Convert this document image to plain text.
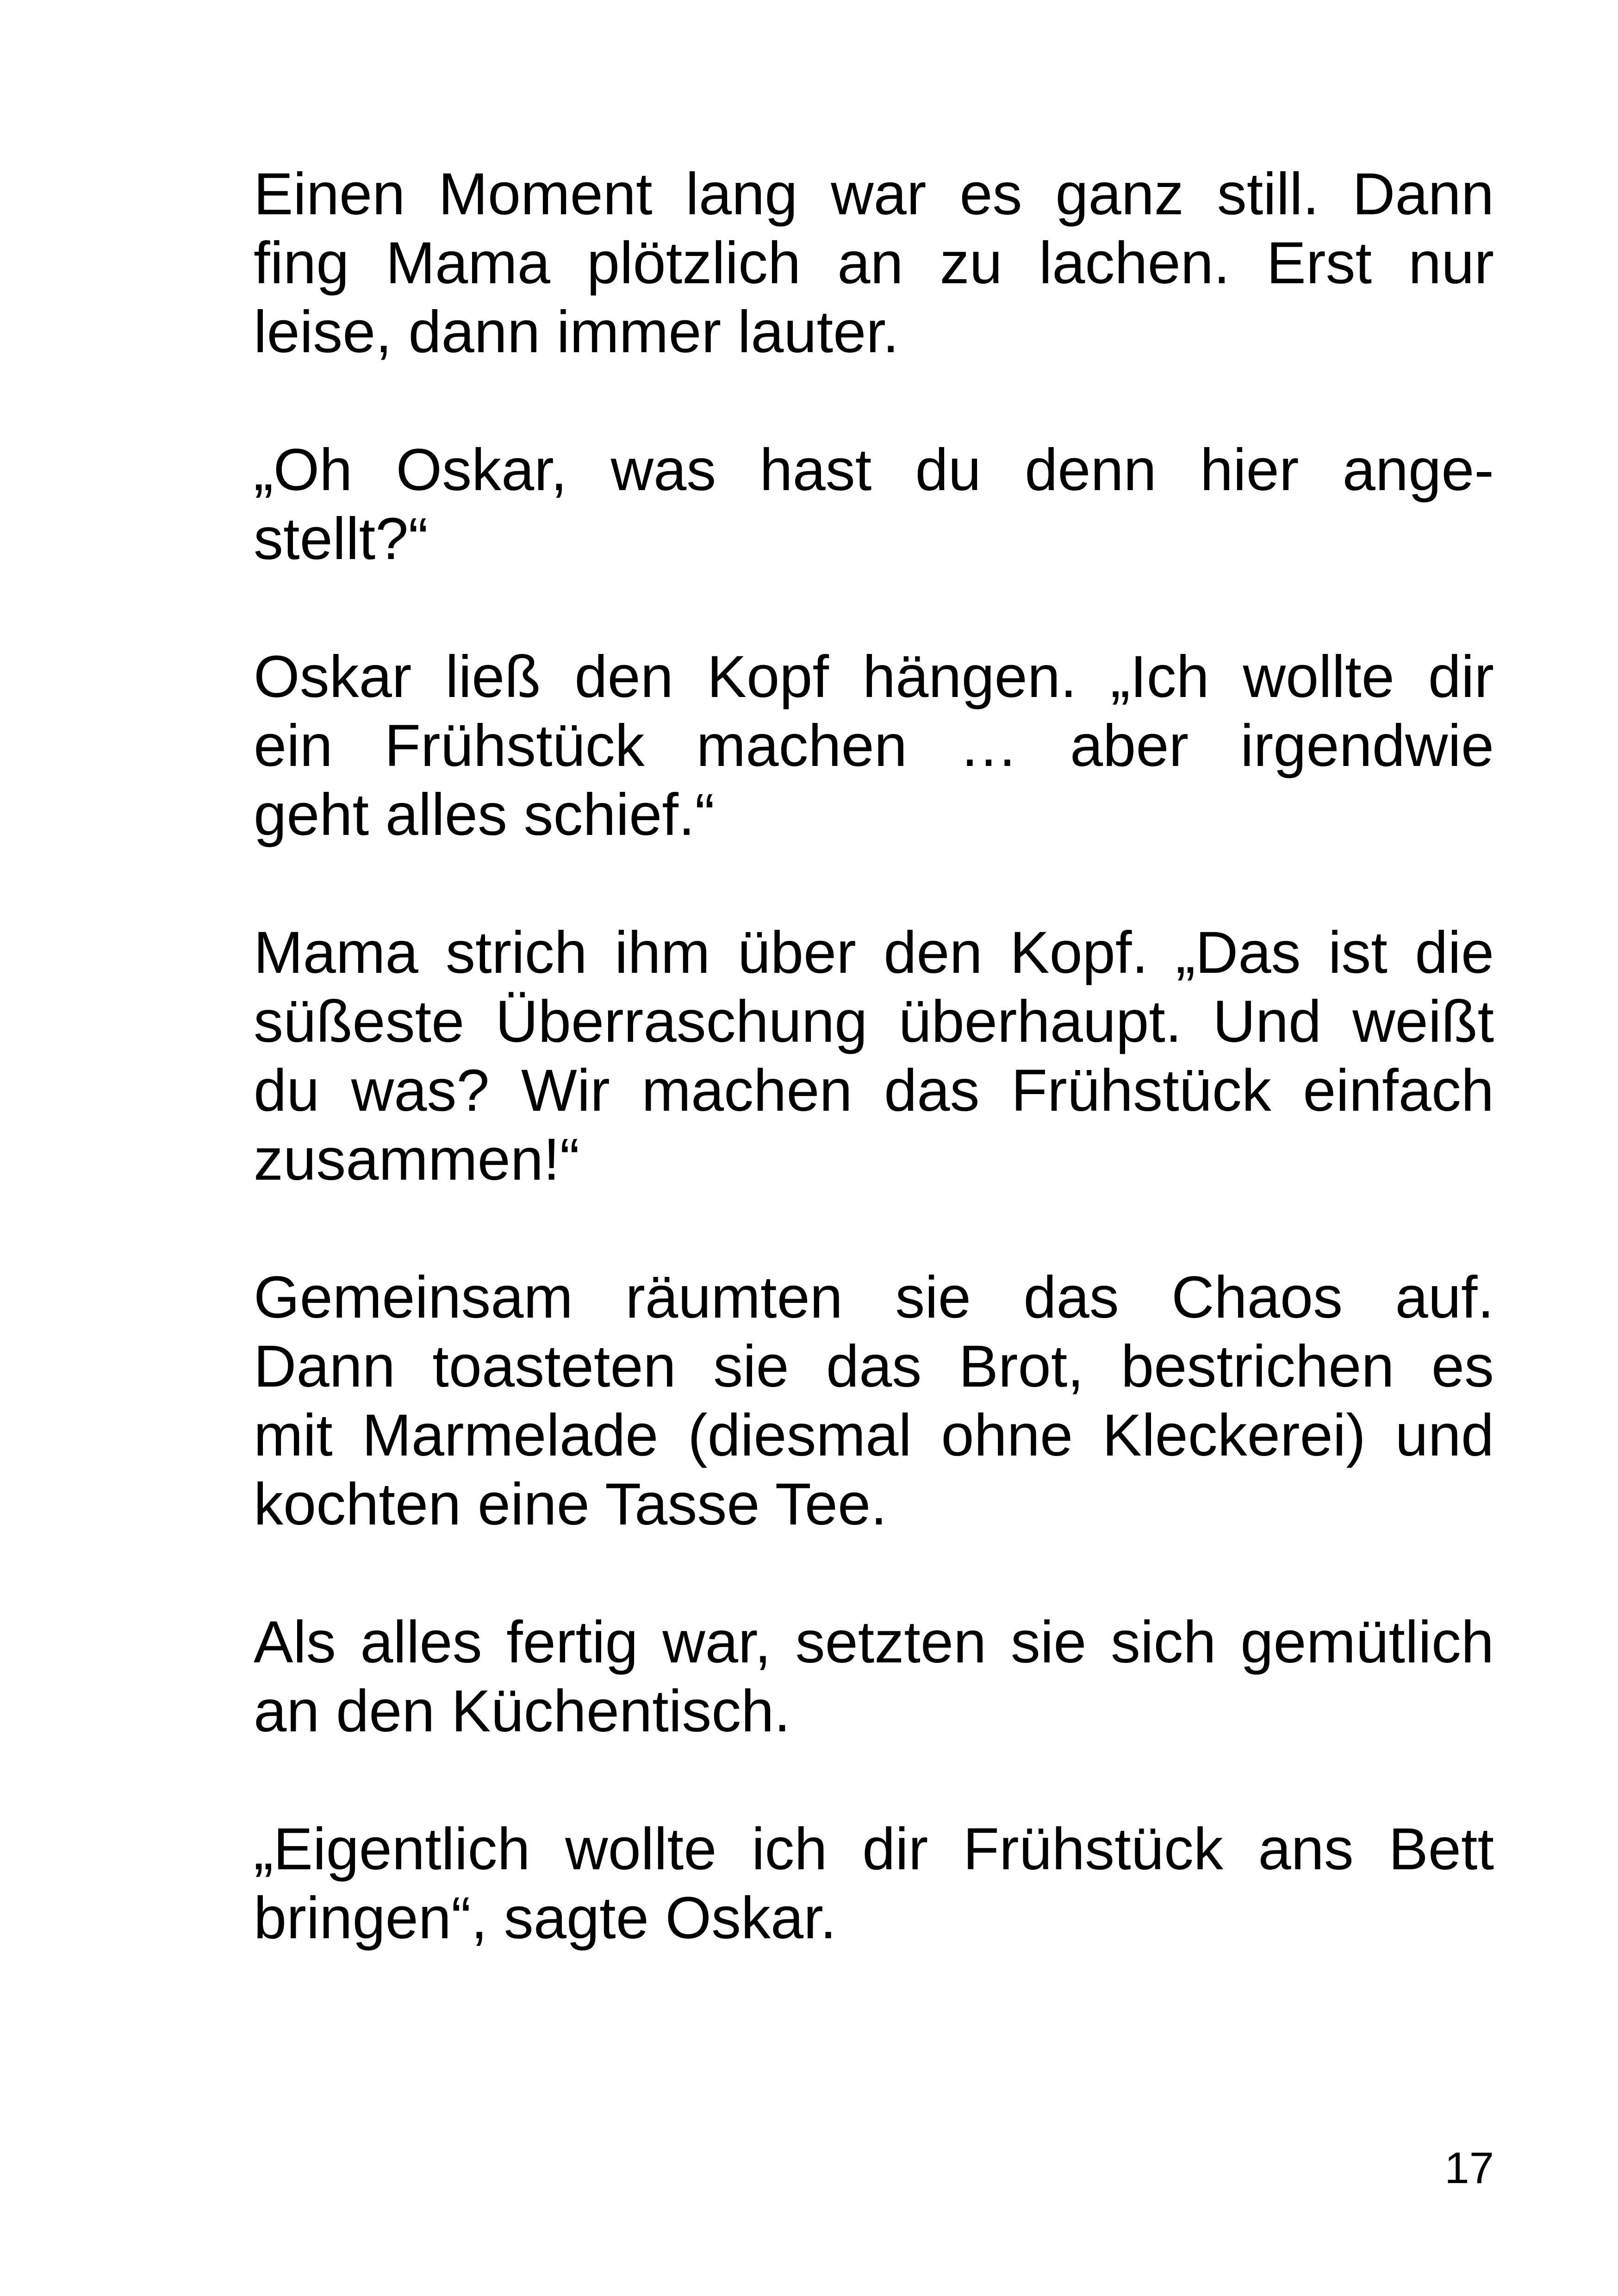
Einen Moment lang war es ganz still. Dann
fing Mama plötzlich an zu lachen. Erst nur
leise, dann immer lauter.

„Oh Oskar, was hast du denn hier ange-
stellt?“

Oskar ließ den Kopf hängen. „Ich wollte dir
ein Frühstück machen … aber irgendwie
geht alles schief.“

Mama strich ihm über den Kopf. „Das ist die
süßeste Überraschung überhaupt. Und weißt
du was? Wir machen das Frühstück einfach
zusammen!“

Gemeinsam räumten sie das Chaos auf.
Dann toasteten sie das Brot, bestrichen es
mit Marmelade (diesmal ohne Kleckerei) und
kochten eine Tasse Tee.

Als alles fertig war, setzten sie sich gemütlich
an den Küchentisch.

„Eigentlich wollte ich dir Frühstück ans Bett
bringen“, sagte Oskar.

17
